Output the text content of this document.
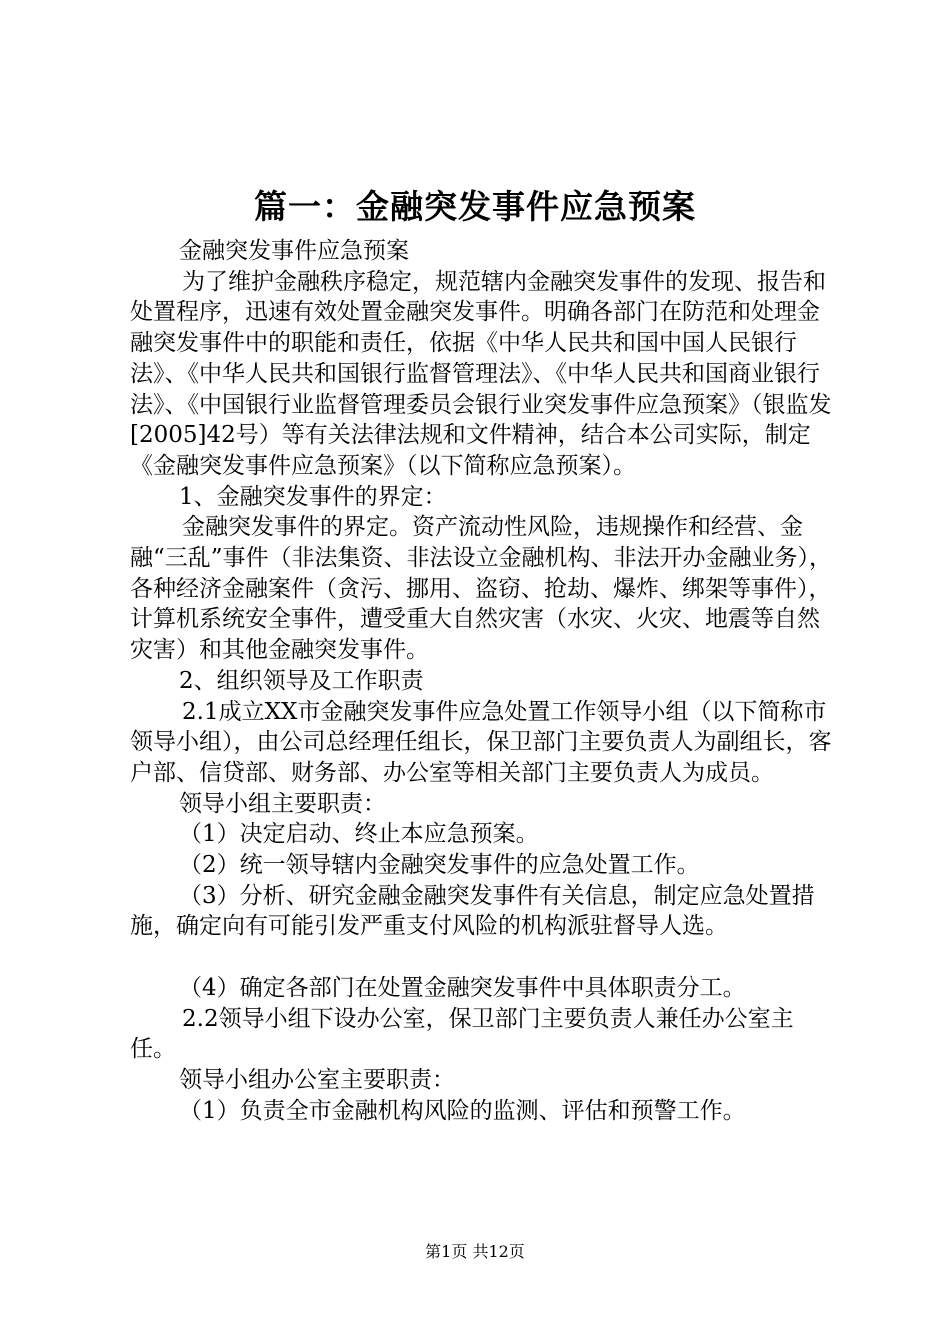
篇一：金融突发事件应急预案

金融突发事件应急预案

为了维护金融秩序稳定，规范辖内金融突发事件的发现、报告和处置程序，迅速有效处置金融突发事件。明确各部门在防范和处理金融突发事件中的职能和责任，依据《中华人民共和国中国人民银行法》、《中华人民共和国银行监督管理法》、《中华人民共和国商业银行法》、《中国银行业监督管理委员会银行业突发事件应急预案》（银监发[2005]42号）等有关法律法规和文件精神，结合本公司实际，制定《金融突发事件应急预案》（以下简称应急预案）。

1、金融突发事件的界定：

金融突发事件的界定。资产流动性风险，违规操作和经营、金融“三乱”事件（非法集资、非法设立金融机构、非法开办金融业务），各种经济金融案件（贪污、挪用、盗窃、抢劫、爆炸、绑架等事件），计算机系统安全事件，遭受重大自然灾害（水灾、火灾、地震等自然灾害）和其他金融突发事件。

2、组织领导及工作职责

2.1成立XX市金融突发事件应急处置工作领导小组（以下简称市领导小组），由公司总经理任组长，保卫部门主要负责人为副组长，客户部、信贷部、财务部、办公室等相关部门主要负责人为成员。

领导小组主要职责：

（1）决定启动、终止本应急预案。

（2）统一领导辖内金融突发事件的应急处置工作。

（3）分析、研究金融金融突发事件有关信息，制定应急处置措施，确定向有可能引发严重支付风险的机构派驻督导人选。

（4）确定各部门在处置金融突发事件中具体职责分工。

2.2领导小组下设办公室，保卫部门主要负责人兼任办公室主任。

领导小组办公室主要职责：

（1）负责全市金融机构风险的监测、评估和预警工作。

第1页 共12页
